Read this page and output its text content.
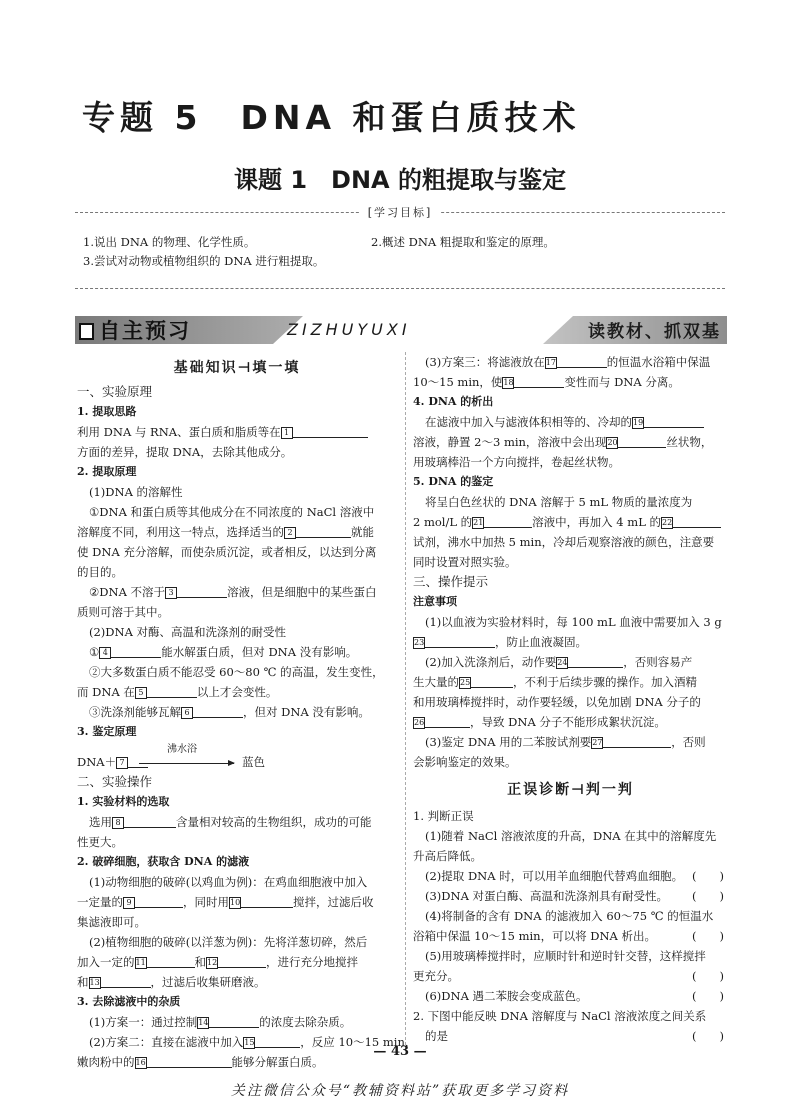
专题 5　DNA 和蛋白质技术
课题 1　DNA 的粗提取与鉴定
[学习目标]
1.说出 DNA 的物理、化学性质。	2.概述 DNA 粗提取和鉴定的原理。
3.尝试对动物或植物组织的 DNA 进行粗提取。
自主预习	ZIZHUYUXI	读教材、抓双基
基础知识⊣填一填
一、实验原理
1. 提取思路
利用 DNA 与 RNA、蛋白质和脂质等在 1
方面的差异，提取 DNA，去除其他成分。
2. 提取原理
(1)DNA 的溶解性
①DNA 和蛋白质等其他成分在不同浓度的 NaCl 溶液中
溶解度不同，利用这一特点，选择适当的 2	就能
使 DNA 充分溶解，而使杂质沉淀，或者相反，以达到分离
的目的。
②DNA 不溶于 3	溶液，但是细胞中的某些蛋白
质则可溶于其中。
(2)DNA 对酶、高温和洗涤剂的耐受性
① 4	能水解蛋白质，但对 DNA 没有影响。
②大多数蛋白质不能忍受 60～80 ℃ 的高温，发生变性，
而 DNA 在 5	以上才会变性。
③洗涤剂能够瓦解 6	，但对 DNA 没有影响。
3. 鉴定原理
DNA＋ 7
沸水浴
蓝色
二、实验操作
1. 实验材料的选取
选用 8	含量相对较高的生物组织，成功的可能
性更大。
2. 破碎细胞，获取含 DNA 的滤液
(1)动物细胞的破碎(以鸡血为例)：在鸡血细胞液中加入
一定量的 9	，同时用10	搅拌，过滤后收
集滤液即可。
(2)植物细胞的破碎(以洋葱为例)：先将洋葱切碎，然后
加入一定的11	和12	，进行充分地搅拌
和13	，过滤后收集研磨液。
3. 去除滤液中的杂质
(1)方案一：通过控制14	的浓度去除杂质。
(2)方案二：直接在滤液中加入15	，反应 10～15 min，
嫩肉粉中的16	能够分解蛋白质。
(3)方案三：将滤液放在17	的恒温水浴箱中保温
10～15 min，使18	变性而与 DNA 分离。
4. DNA 的析出
在滤液中加入与滤液体积相等的、冷却的19
溶液，静置 2～3 min，溶液中会出现20	丝状物，
用玻璃棒沿一个方向搅拌，卷起丝状物。
5. DNA 的鉴定
将呈白色丝状的 DNA 溶解于 5 mL 物质的量浓度为
2 mol/L 的21	溶液中，再加入 4 mL 的22
试剂，沸水中加热 5 min，冷却后观察溶液的颜色，注意要
同时设置对照实验。
三、操作提示
注意事项
(1)以血液为实验材料时，每 100 mL 血液中需要加入 3 g
23	，防止血液凝固。
(2)加入洗涤剂后，动作要24	，否则容易产
生大量的25	，不利于后续步骤的操作。加入酒精
和用玻璃棒搅拌时，动作要轻缓，以免加剧 DNA 分子的
26	，导致 DNA 分子不能形成絮状沉淀。
(3)鉴定 DNA 用的二苯胺试剂要27	，否则
会影响鉴定的效果。
正误诊断⊣判一判
1. 判断正误
(1)随着 NaCl 溶液浓度的升高，DNA 在其中的溶解度先
升高后降低。
(2)提取 DNA 时，可以用羊血细胞代替鸡血细胞。 (　　)
(3)DNA 对蛋白酶、高温和洗涤剂具有耐受性。 (　　)
(4)将制备的含有 DNA 的滤液加入 60～75 ℃ 的恒温水
浴箱中保温 10～15 min，可以将 DNA 析出。	(　　)
(5)用玻璃棒搅拌时，应顺时针和逆时针交替，这样搅拌
更充分。	(　　)
(6)DNA 遇二苯胺会变成蓝色。	(　　)
2. 下图中能反映 DNA 溶解度与 NaCl 溶液浓度之间关系
的是	(　　)
— 43 —
关注微信公众号“教辅资料站”获取更多学习资料
